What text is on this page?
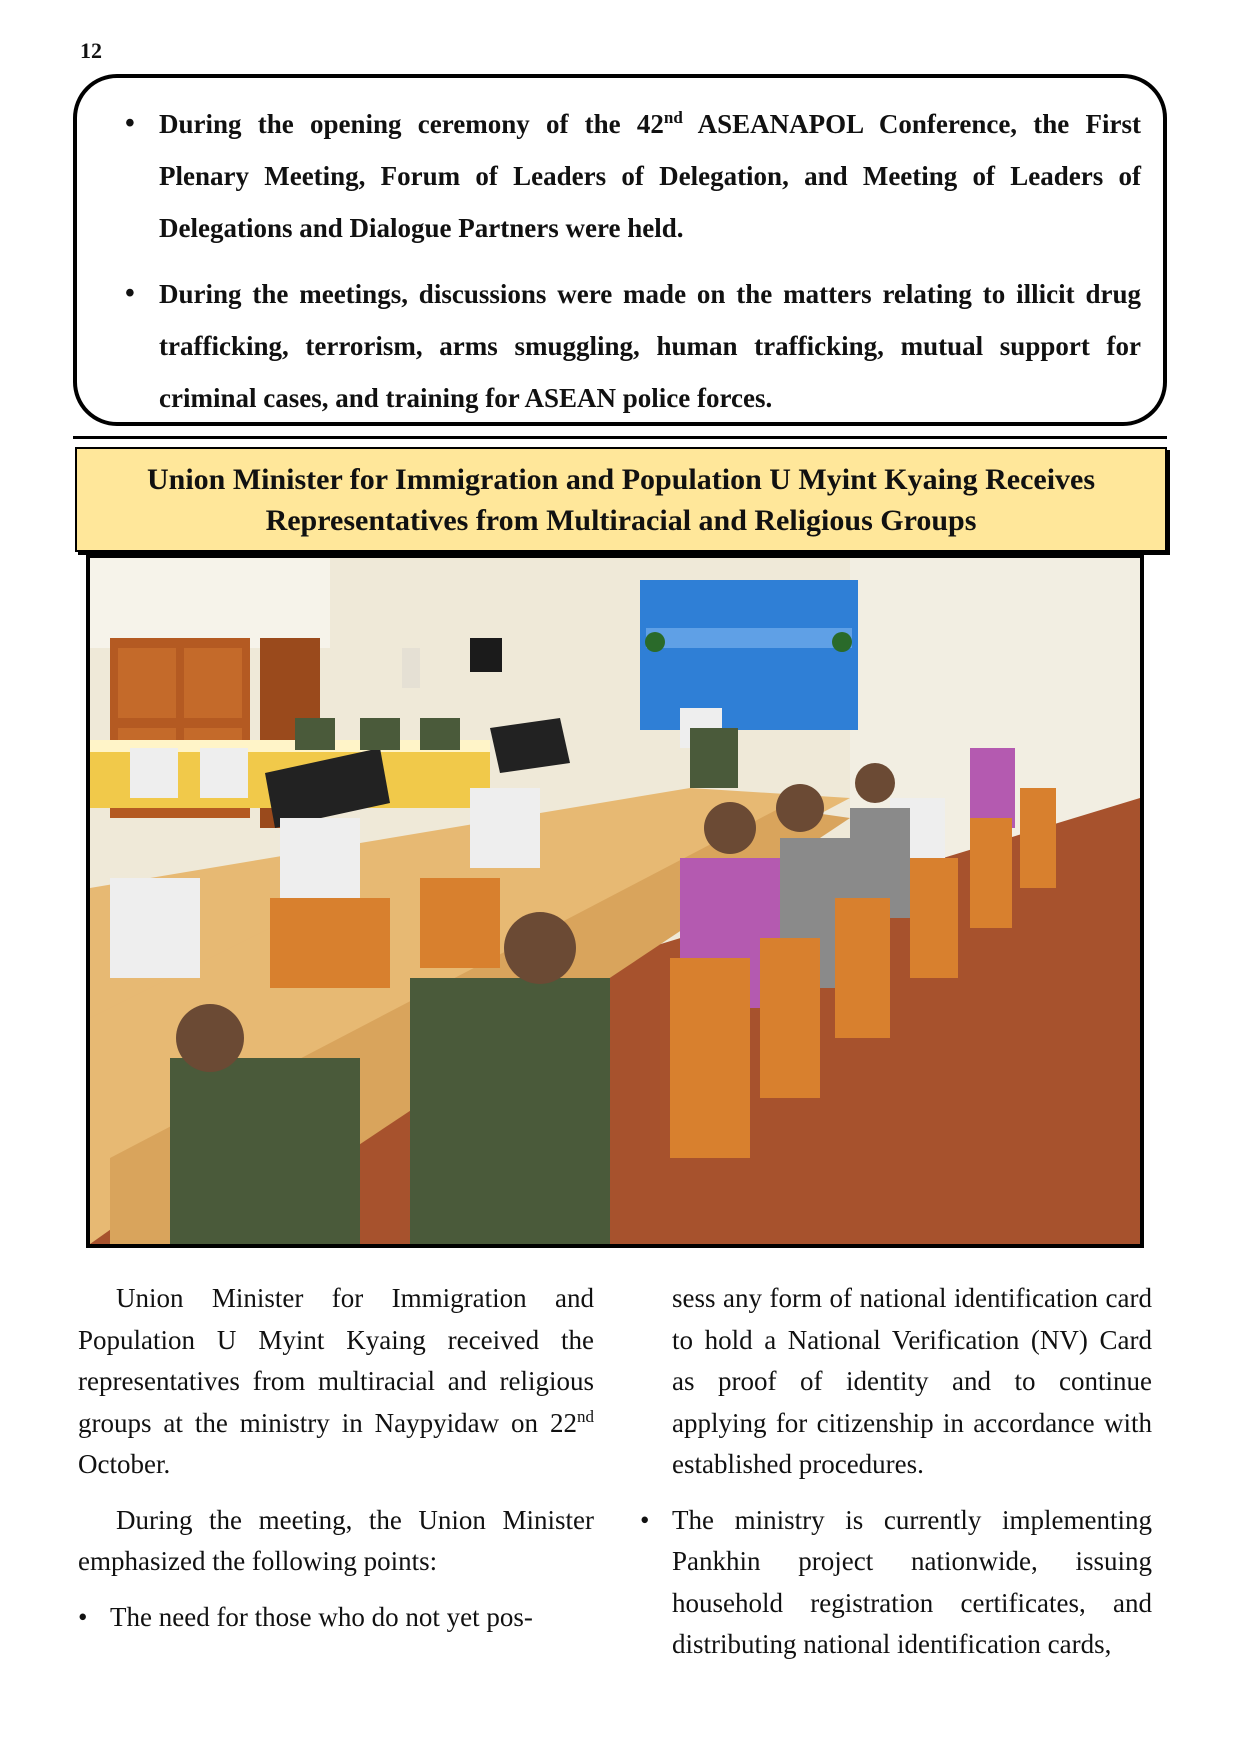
12
• During the opening ceremony of the 42nd ASEANAPOL Conference, the First Plenary Meeting, Forum of Leaders of Delegation, and Meeting of Leaders of Delegations and Dialogue Partners were held.
• During the meetings, discussions were made on the matters relating to illicit drug trafficking, terrorism, arms smuggling, human trafficking, mutual support for criminal cases, and training for ASEAN police forces.
Union Minister for Immigration and Population U Myint Kyaing Receives
Representatives from Multiracial and Religious Groups

Union Minister for Immigration and Population U Myint Kyaing received the representatives from multiracial and religious groups at the ministry in Naypyidaw on 22nd October.

During the meeting, the Union Minister emphasized the following points:

• The need for those who do not yet pos-
sess any form of national identification card to hold a National Verification (NV) Card as proof of identity and to continue applying for citizenship in accordance with established procedures.
• The ministry is currently implementing Pankhin project nationwide, issuing household registration certificates, and distributing national identification cards,
